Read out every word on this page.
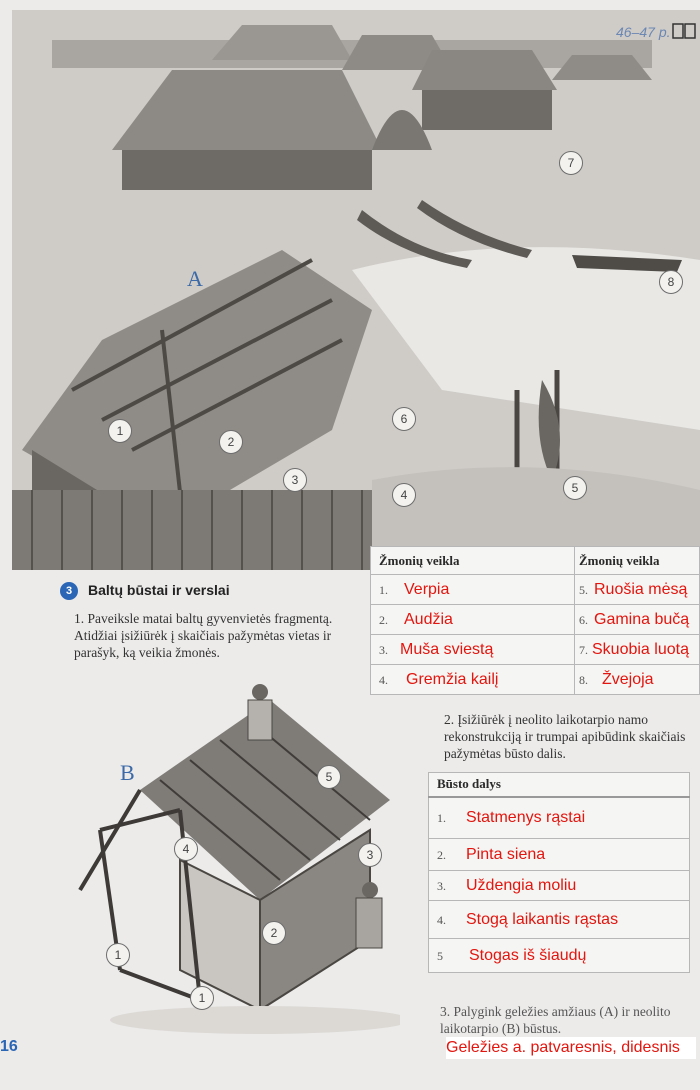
46–47 p.
A
1
2
3
4	5
6
7
8
3	Baltų būstai ir verslai
1. Paveiksle matai baltų gyvenvietės fragmentą. Atidžiai įsižiūrėk į skaičiais pažymėtas vietas ir parašyk, ką veikia žmonės.
Žmonių veikla	Žmonių veikla
1. Verpia	5. Ruošia mėsą
2. Audžia	6. Gamina bučą
3. Muša sviestą	7. Skuobia luotą
4. Gremžia kailį	8. Žvejoja
B
1
1
2
3
4
5
2. Įsižiūrėk į neolito laikotarpio namo rekonstrukciją ir trumpai apibūdink skaičiais pažymėtas būsto dalis.
Būsto dalys
1. Statmenys rąstai
2. Pinta siena
3. Uždengia moliu
4. Stogą laikantis rąstas
5 Stogas iš šiaudų
3. Palygink geležies amžiaus (A) ir neolito laikotarpio (B) būstus.
Geležies a. patvaresnis, didesnis
16
